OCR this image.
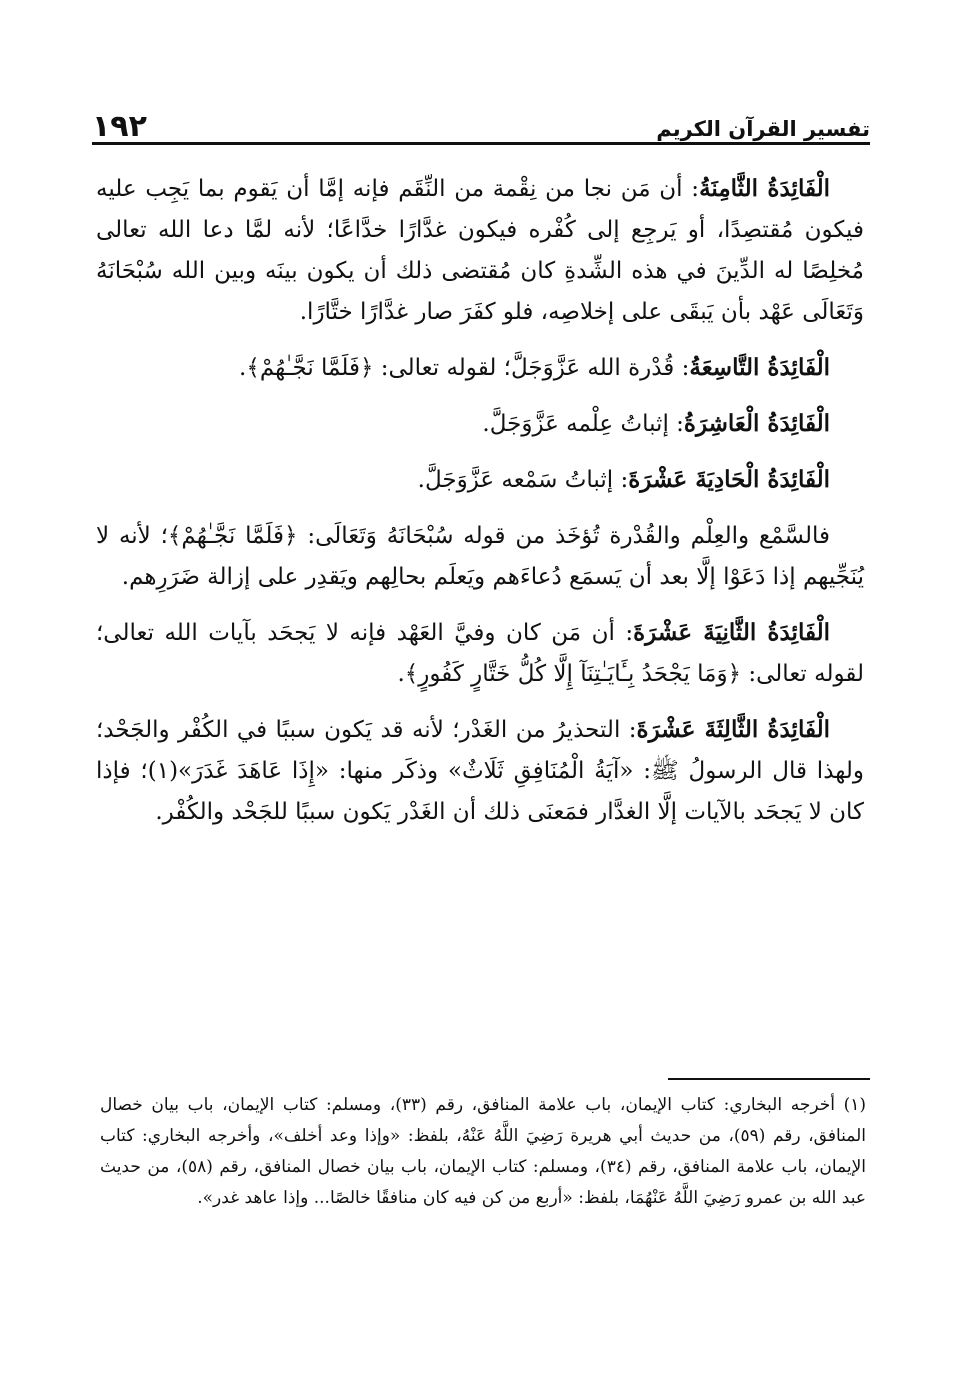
تفسير القرآن الكريم
١٩٢

الْفَائِدَةُ الثَّامِنَةُ: أن مَن نجا من نِقْمة من النِّقَم فإنه إمَّا أن يَقوم بما يَجِب عليه فيكون مُقتصِدًا، أو يَرجِع إلى كُفْره فيكون غدَّارًا خدَّاعًا؛ لأنه لمَّا دعا الله تعالى مُخلِصًا له الدِّينَ في هذه الشِّدةِ كان مُقتضى ذلك أن يكون بينَه وبين الله سُبْحَانَهُ وَتَعَالَى عَهْد بأن يَبقَى على إخلاصِه، فلو كفَرَ صار غدَّارًا ختَّارًا.

الْفَائِدَةُ التَّاسِعَةُ: قُدْرة الله عَزَّوَجَلَّ؛ لقوله تعالى: ﴿فَلَمَّا نَجَّـٰهُمْ﴾.

الْفَائِدَةُ الْعَاشِرَةُ: إثباتُ عِلْمه عَزَّوَجَلَّ.

الْفَائِدَةُ الْحَادِيَةَ عَشْرَةَ: إثباتُ سَمْعه عَزَّوَجَلَّ.

فالسَّمْع والعِلْم والقُدْرة تُؤخَذ من قوله سُبْحَانَهُ وَتَعَالَى: ﴿فَلَمَّا نَجَّـٰهُمْ﴾؛ لأنه لا يُنَجِّيهم إذا دَعَوْا إلَّا بعد أن يَسمَع دُعاءَهم ويَعلَم بحالِهم ويَقدِر على إزالة ضَرَرِهم.

الْفَائِدَةُ الثَّانِيَةَ عَشْرَةَ: أن مَن كان وفيَّ العَهْد فإنه لا يَجحَد بآيات الله تعالى؛ لقوله تعالى: ﴿وَمَا يَجْحَدُ بِـَٔايَـٰتِنَآ إِلَّا كُلُّ خَتَّارٍ كَفُورٍ﴾.

الْفَائِدَةُ الثَّالِثَةَ عَشْرَةَ: التحذيرُ من الغَدْر؛ لأنه قد يَكون سببًا في الكُفْر والجَحْد؛ ولهذا قال الرسولُ ﷺ: «آيَةُ الْمُنَافِقِ ثَلَاثٌ» وذكَر منها: «إِذَا عَاهَدَ غَدَرَ»(١)؛ فإذا كان لا يَجحَد بالآيات إلَّا الغدَّار فمَعنَى ذلك أن الغَدْر يَكون سببًا للجَحْد والكُفْر.

(١) أخرجه البخاري: كتاب الإيمان، باب علامة المنافق، رقم (٣٣)، ومسلم: كتاب الإيمان، باب بيان خصال المنافق، رقم (٥٩)، من حديث أبي هريرة رَضِيَ اللَّهُ عَنْهُ، بلفظ: «وإذا وعد أخلف»، وأخرجه البخاري: كتاب الإيمان، باب علامة المنافق، رقم (٣٤)، ومسلم: كتاب الإيمان، باب بيان خصال المنافق، رقم (٥٨)، من حديث عبد الله بن عمرو رَضِيَ اللَّهُ عَنْهُمَا، بلفظ: «أربع من كن فيه كان منافقًا خالصًا... وإذا عاهد غدر».
